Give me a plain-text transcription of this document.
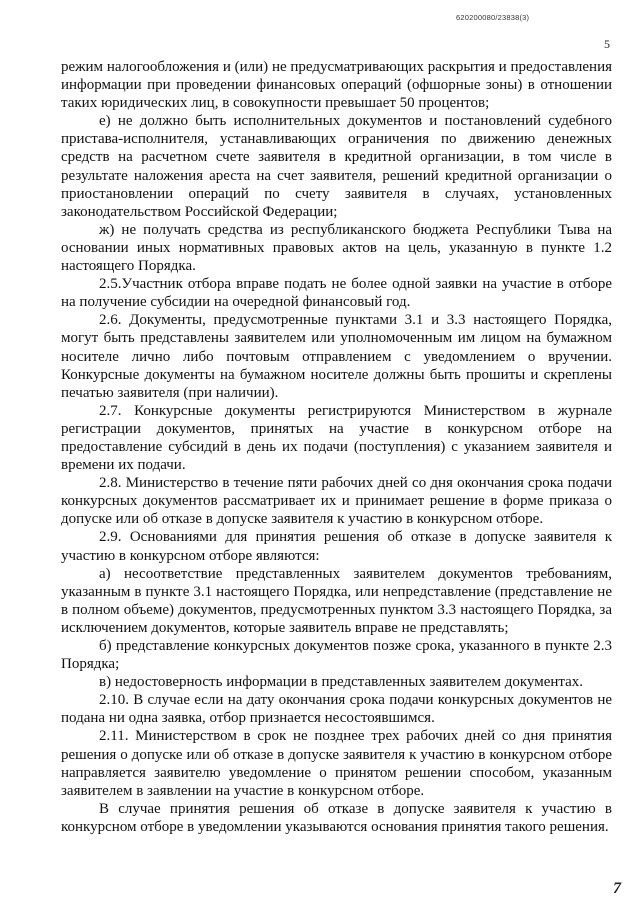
620200080/23838(3)
5

режим налогообложения и (или) не предусматривающих раскрытия и предоставления информации при проведении финансовых операций (офшорные зоны) в отношении таких юридических лиц, в совокупности превышает 50 процентов;

е) не должно быть исполнительных документов и постановлений судебного пристава-исполнителя, устанавливающих ограничения по движению денежных средств на расчетном счете заявителя в кредитной организации, в том числе в результате наложения ареста на счет заявителя, решений кредитной организации о приостановлении операций по счету заявителя в случаях, установленных законодательством Российской Федерации;

ж) не получать средства из республиканского бюджета Республики Тыва на основании иных нормативных правовых актов на цель, указанную в пункте 1.2 настоящего Порядка.

2.5.Участник отбора вправе подать не более одной заявки на участие в отборе на получение субсидии на очередной финансовый год.

2.6. Документы, предусмотренные пунктами 3.1 и 3.3 настоящего Порядка, могут быть представлены заявителем или уполномоченным им лицом на бумажном носителе лично либо почтовым отправлением с уведомлением о вручении. Конкурсные документы на бумажном носителе должны быть прошиты и скреплены печатью заявителя (при наличии).

2.7. Конкурсные документы регистрируются Министерством в журнале регистрации документов, принятых на участие в конкурсном отборе на предоставление субсидий в день их подачи (поступления) с указанием заявителя и времени их подачи.

2.8. Министерство в течение пяти рабочих дней со дня окончания срока подачи конкурсных документов рассматривает их и принимает решение в форме приказа о допуске или об отказе в допуске заявителя к участию в конкурсном отборе.

2.9. Основаниями для принятия решения об отказе в допуске заявителя к участию в конкурсном отборе являются:

а) несоответствие представленных заявителем документов требованиям, указанным в пункте 3.1 настоящего Порядка, или непредставление (представление не в полном объеме) документов, предусмотренных пунктом 3.3 настоящего Порядка, за исключением документов, которые заявитель вправе не представлять;

б) представление конкурсных документов позже срока, указанного в пункте 2.3 Порядка;

в) недостоверность информации в представленных заявителем документах.

2.10. В случае если на дату окончания срока подачи конкурсных документов не подана ни одна заявка, отбор признается несостоявшимся.

2.11. Министерством в срок не позднее трех рабочих дней со дня принятия решения о допуске или об отказе в допуске заявителя к участию в конкурсном отборе направляется заявителю уведомление о принятом решении способом, указанным заявителем в заявлении на участие в конкурсном отборе.

В случае принятия решения об отказе в допуске заявителя к участию в конкурсном отборе в уведомлении указываются основания принятия такого решения.

7
